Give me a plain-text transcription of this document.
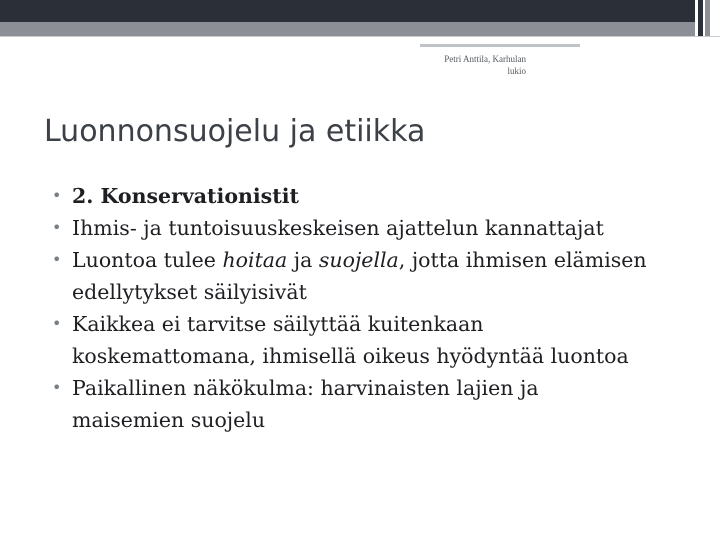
Petri Anttila, Karhulan
lukio
Luonnonsuojelu ja etiikka
• 2. Konservationistit
• Ihmis- ja tuntoisuuskeskeisen ajattelun kannattajat
• Luontoa tulee hoitaa ja suojella, jotta ihmisen elämisen edellytykset säilyisivät
• Kaikkea ei tarvitse säilyttää kuitenkaan koskemattomana, ihmisellä oikeus hyödyntää luontoa
• Paikallinen näkökulma: harvinaisten lajien ja maisemien suojelu
